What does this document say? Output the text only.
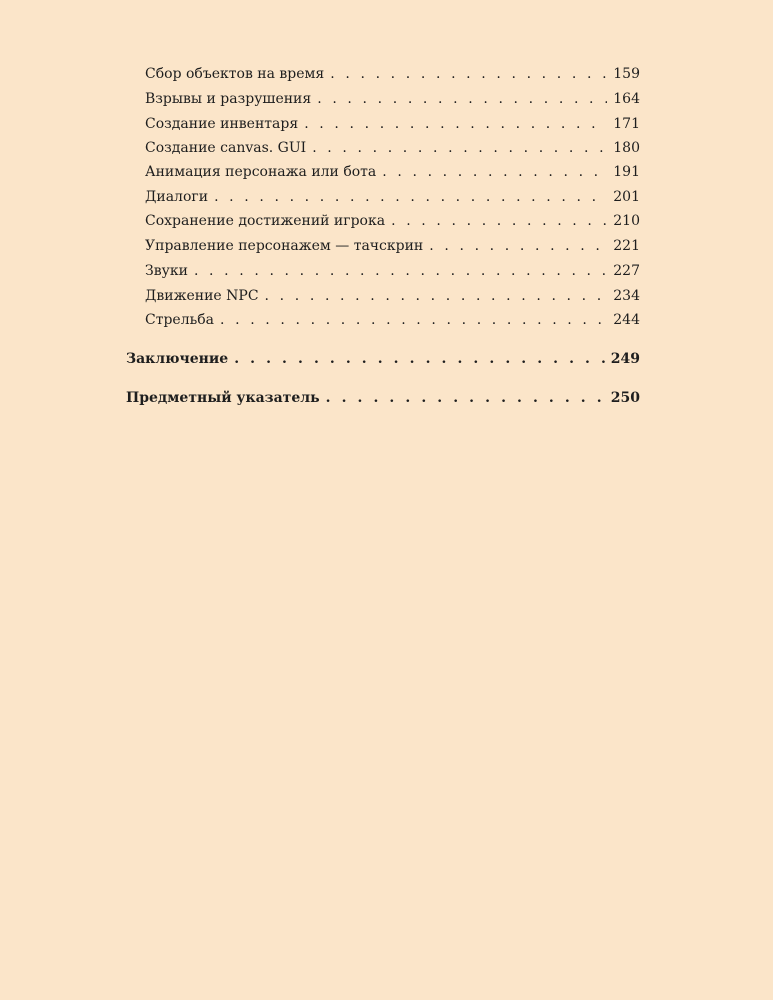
Сбор объектов на время . . .	159
Взрывы и разрушения . . .	164
Создание инвентаря . . .	171
Создание canvas. GUI . . .	180
Анимация персонажа или бота . . .	191
Диалоги . . .	201
Сохранение достижений игрока . . .	210
Управление персонажем — тачскрин . . .	221
Звуки . . .	227
Движение NPC . . .	234
Стрельба . . .	244
Заключение . . .	249
Предметный указатель . . .	250
